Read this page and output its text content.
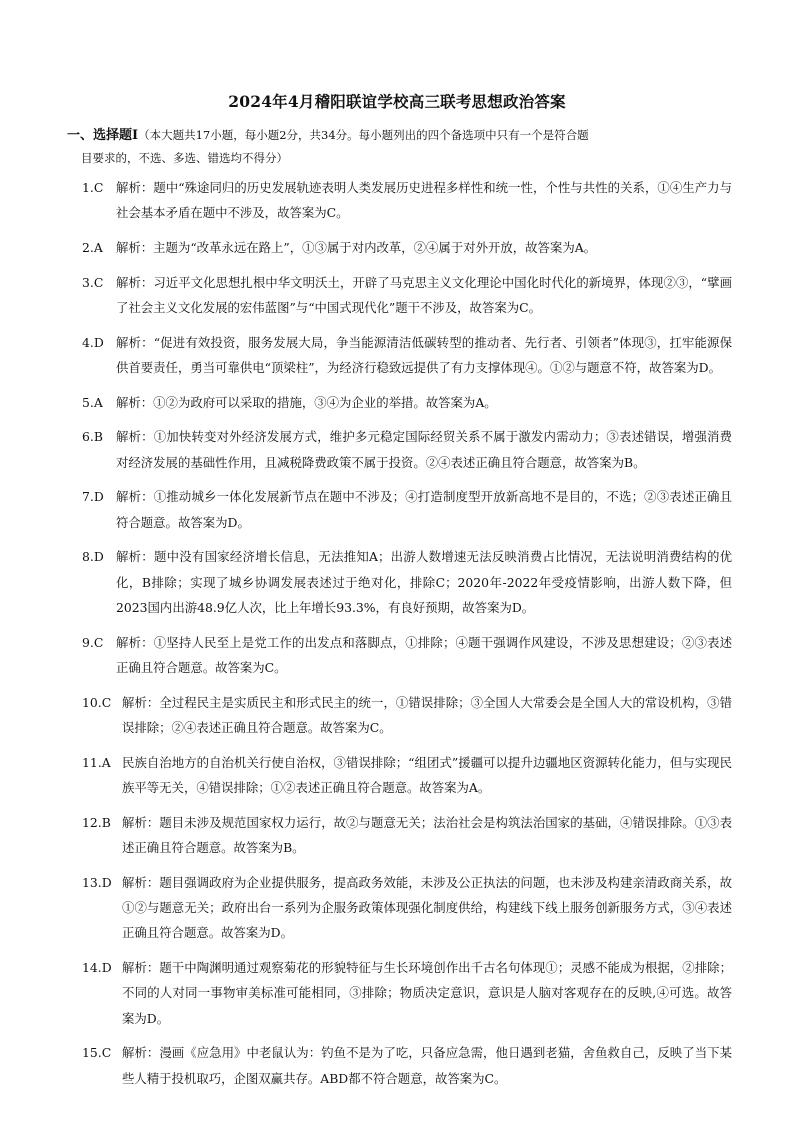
2024年4月稽阳联谊学校高三联考思想政治答案
一、选择题Ⅰ（本大题共17小题，每小题2分，共34分。每小题列出的四个备选项中只有一个是符合题
目要求的，不选、多选、错选均不得分）
1.C	解析：题中“殊途同归的历史发展轨迹表明人类发展历史进程多样性和统一性，个性与共性的关系，①④生产力与社会基本矛盾在题中不涉及，故答案为C。
2.A	解析：主题为“改革永远在路上”，①③属于对内改革，②④属于对外开放，故答案为A。
3.C	解析：习近平文化思想扎根中华文明沃土，开辟了马克思主义文化理论中国化时代化的新境界，体现②③，“擘画了社会主义文化发展的宏伟蓝图”与“中国式现代化”题干不涉及，故答案为C。
4.D 解析：“促进有效投资，服务发展大局，争当能源清洁低碳转型的推动者、先行者、引领者”体现③，扛牢能源保供首要责任，勇当可靠供电“顶梁柱”，为经济行稳致远提供了有力支撑体现④。①②与题意不符，故答案为D。
5.A	解析：①②为政府可以采取的措施，③④为企业的举措。故答案为A。
6.B	解析：①加快转变对外经济发展方式，维护多元稳定国际经贸关系不属于激发内需动力；③表述错误，增强消费对经济发展的基础性作用，且减税降费政策不属于投资。②④表述正确且符合题意，故答案为B。
7.D 解析：①推动城乡一体化发展新节点在题中不涉及；④打造制度型开放新高地不是目的，不选；②③表述正确且符合题意。故答案为D。
8.D 解析：题中没有国家经济增长信息，无法推知A；出游人数增速无法反映消费占比情况，无法说明消费结构的优化，B排除；实现了城乡协调发展表述过于绝对化，排除C；2020年-2022年受疫情影响，出游人数下降，但2023国内出游48.9亿人次，比上年增长93.3%，有良好预期，故答案为D。
9.C	解析：①坚持人民至上是党工作的出发点和落脚点，①排除；④题干强调作风建设，不涉及思想建设；②③表述正确且符合题意。故答案为C。
10.C 解析：全过程民主是实质民主和形式民主的统一，①错误排除；③全国人大常委会是全国人大的常设机构，③错误排除；②④表述正确且符合题意。故答案为C。
11.A 民族自治地方的自治机关行使自治权，③错误排除；“组团式”援疆可以提升边疆地区资源转化能力，但与实现民族平等无关，④错误排除；①②表述正确且符合题意。故答案为A。
12.B 解析：题目未涉及规范国家权力运行，故②与题意无关；法治社会是构筑法治国家的基础，④错误排除。①③表述正确且符合题意。故答案为B。
13.D 解析：题目强调政府为企业提供服务，提高政务效能，未涉及公正执法的问题，也未涉及构建亲清政商关系，故①②与题意无关；政府出台一系列为企服务政策体现强化制度供给，构建线下线上服务创新服务方式，③④表述正确且符合题意。故答案为D。
14.D 解析：题干中陶渊明通过观察菊花的形貌特征与生长环境创作出千古名句体现①；灵感不能成为根据，②排除；不同的人对同一事物审美标准可能相同，③排除；物质决定意识，意识是人脑对客观存在的反映,④可选。故答案为D。
15.C 解析：漫画《应急用》中老鼠认为：钓鱼不是为了吃，只备应急需，他日遇到老猫，舍鱼救自己，反映了当下某些人精于投机取巧，企图双赢共存。ABD都不符合题意，故答案为C。
